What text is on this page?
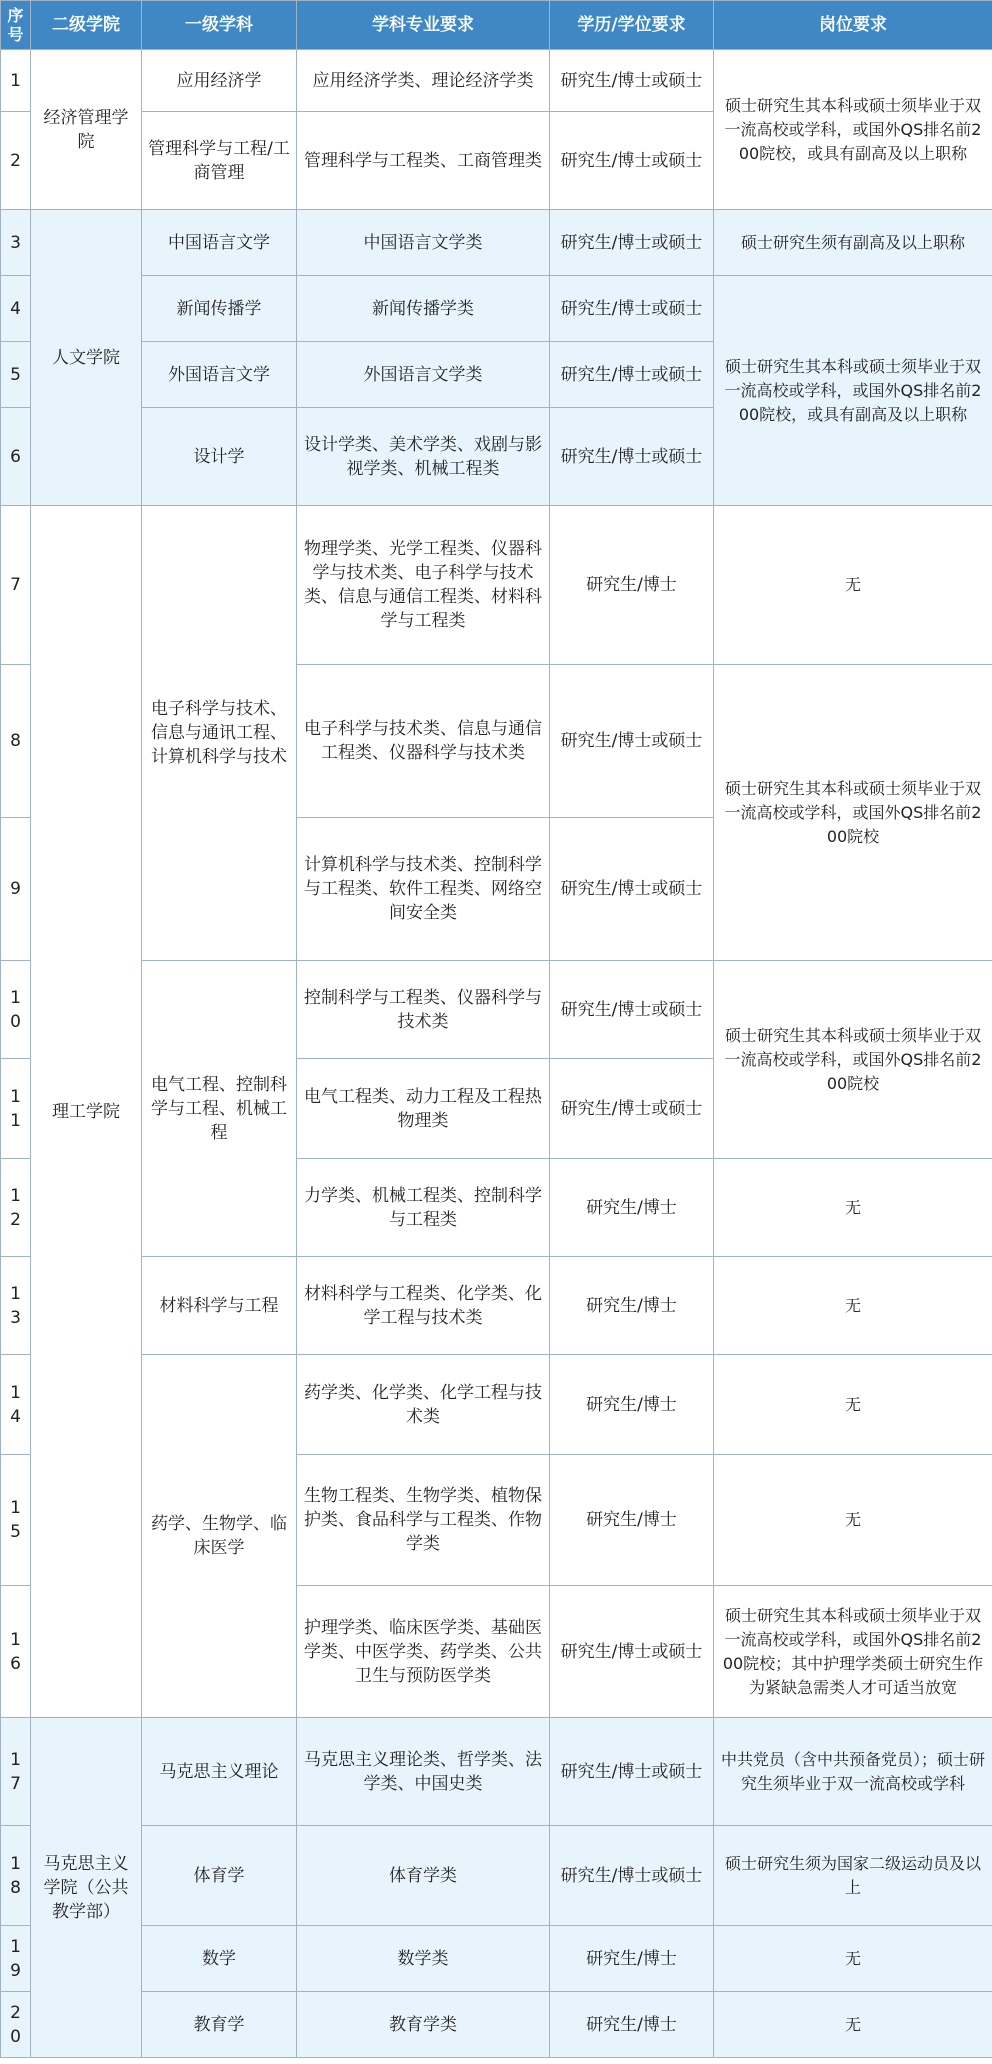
序号	二级学院	一级学科	学科专业要求	学历/学位要求	岗位要求
1	经济管理学院	应用经济学	应用经济学类、理论经济学类	研究生/博士或硕士	硕士研究生其本科或硕士须毕业于双一流高校或学科，或国外QS排名前200院校，或具有副高及以上职称
2		管理科学与工程/工商管理	管理科学与工程类、工商管理类	研究生/博士或硕士	
3	人文学院	中国语言文学	中国语言文学类	研究生/博士或硕士	硕士研究生须有副高及以上职称
4		新闻传播学	新闻传播学类	研究生/博士或硕士	硕士研究生其本科或硕士须毕业于双一流高校或学科，或国外QS排名前200院校，或具有副高及以上职称
5		外国语言文学	外国语言文学类	研究生/博士或硕士	
6		设计学	设计学类、美术学类、戏剧与影视学类、机械工程类	研究生/博士或硕士	
7	理工学院	电子科学与技术、信息与通讯工程、计算机科学与技术	物理学类、光学工程类、仪器科学与技术类、电子科学与技术类、信息与通信工程类、材料科学与工程类	研究生/博士	无
8			电子科学与技术类、信息与通信工程类、仪器科学与技术类	研究生/博士或硕士	硕士研究生其本科或硕士须毕业于双一流高校或学科，或国外QS排名前200院校
9			计算机科学与技术类、控制科学与工程类、软件工程类、网络空间安全类	研究生/博士或硕士	
10		电气工程、控制科学与工程、机械工程	控制科学与工程类、仪器科学与技术类	研究生/博士或硕士	硕士研究生其本科或硕士须毕业于双一流高校或学科，或国外QS排名前200院校
11			电气工程类、动力工程及工程热物理类	研究生/博士或硕士	
12			力学类、机械工程类、控制科学与工程类	研究生/博士	无
13		材料科学与工程	材料科学与工程类、化学类、化学工程与技术类	研究生/博士	无
14		药学、生物学、临床医学	药学类、化学类、化学工程与技术类	研究生/博士	无
15			生物工程类、生物学类、植物保护类、食品科学与工程类、作物学类	研究生/博士	无
16			护理学类、临床医学类、基础医学类、中医学类、药学类、公共卫生与预防医学类	研究生/博士或硕士	硕士研究生其本科或硕士须毕业于双一流高校或学科，或国外QS排名前200院校；其中护理学类硕士研究生作为紧缺急需类人才可适当放宽
17	马克思主义学院（公共教学部）	马克思主义理论	马克思主义理论类、哲学类、法学类、中国史类	研究生/博士或硕士	中共党员（含中共预备党员）；硕士研究生须毕业于双一流高校或学科
18		体育学	体育学类	研究生/博士或硕士	硕士研究生须为国家二级运动员及以上
19		数学	数学类	研究生/博士	无
20		教育学	教育学类	研究生/博士	无
